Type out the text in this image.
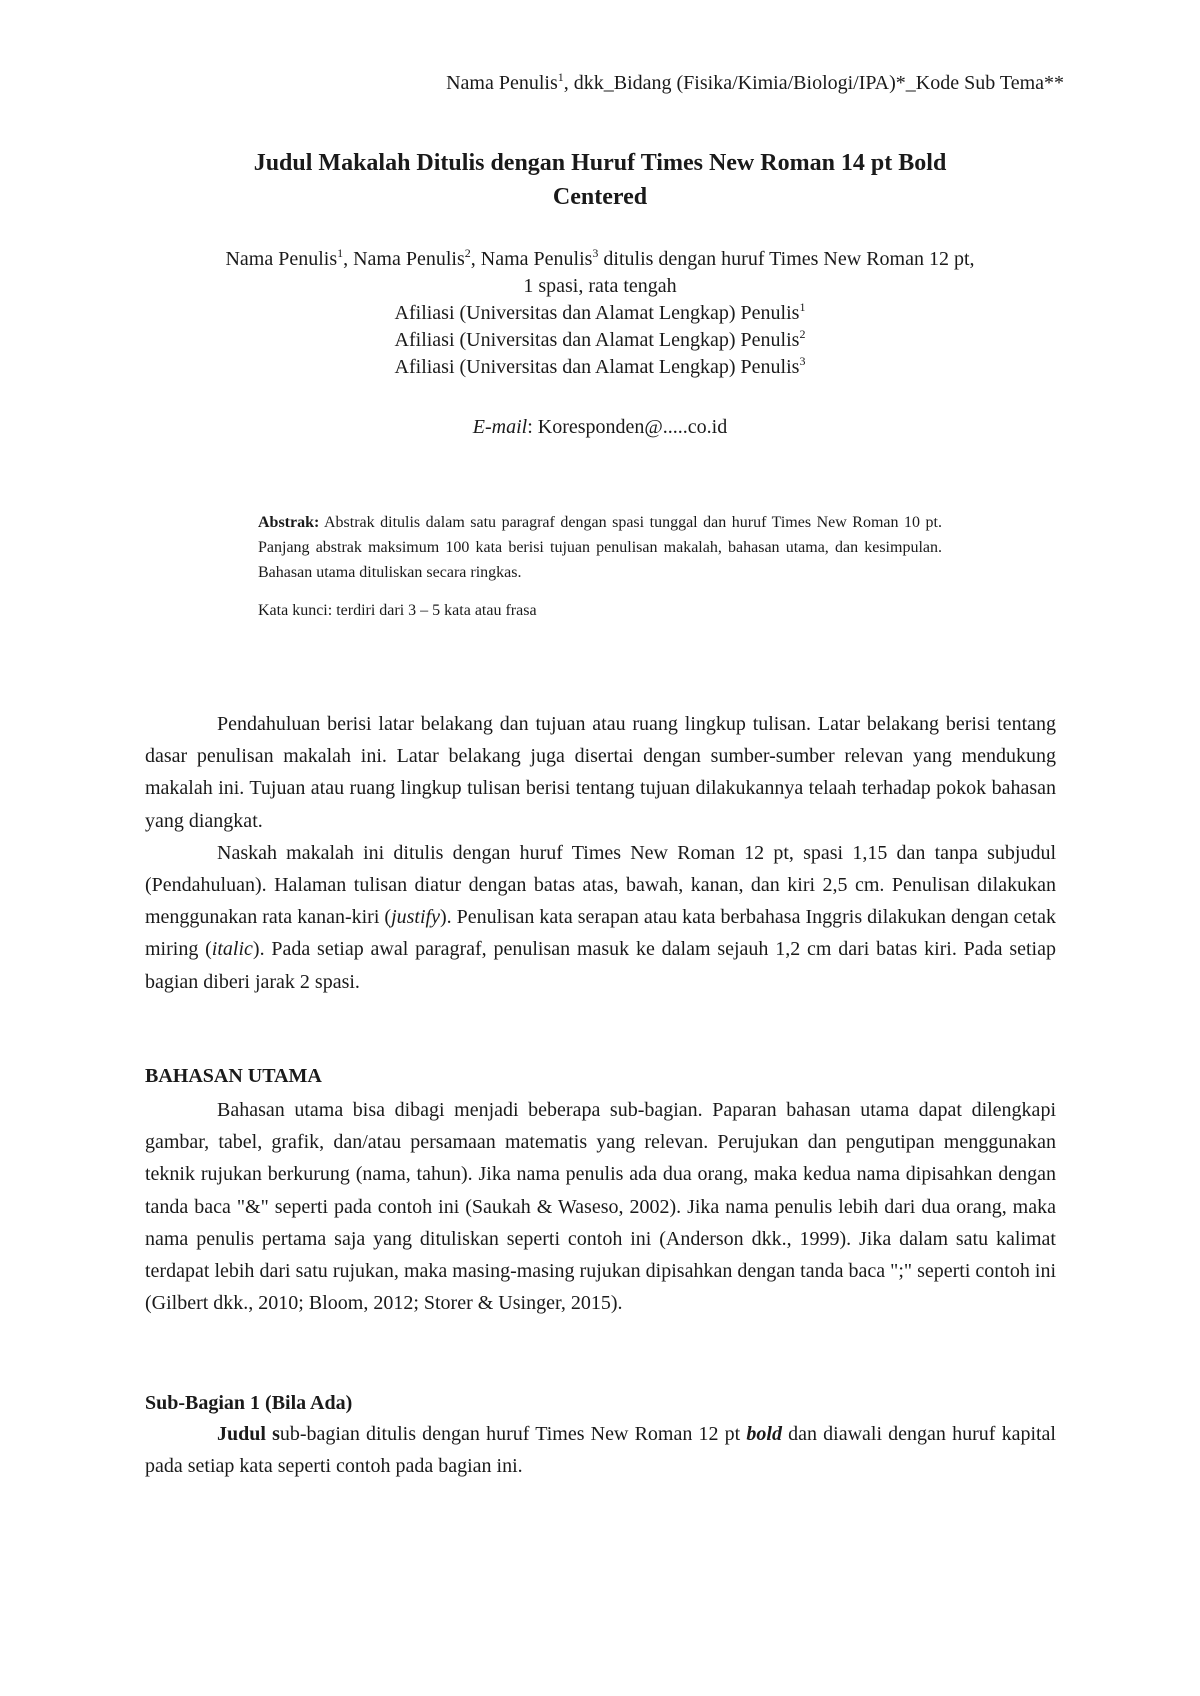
Nama Penulis$^1$, dkk_Bidang (Fisika/Kimia/Biologi/IPA)*_Kode Sub Tema**
Judul Makalah Ditulis dengan Huruf Times New Roman 14 pt Bold
Centered
Nama Penulis$^1$, Nama Penulis$^2$, Nama Penulis$^3$ ditulis dengan huruf Times New Roman 12 pt,
1 spasi, rata tengah
Afiliasi (Universitas dan Alamat Lengkap) Penulis$^1$
Afiliasi (Universitas dan Alamat Lengkap) Penulis$^2$
Afiliasi (Universitas dan Alamat Lengkap) Penulis$^3$
E-mail: Koresponden@.....co.id
Abstrak: Abstrak ditulis dalam satu paragraf dengan spasi tunggal dan huruf Times New Roman 10 pt. Panjang abstrak maksimum 100 kata berisi tujuan penulisan makalah, bahasan utama, dan kesimpulan. Bahasan utama dituliskan secara ringkas.
Kata kunci: terdiri dari 3 – 5 kata atau frasa

Pendahuluan berisi latar belakang dan tujuan atau ruang lingkup tulisan. Latar belakang berisi tentang dasar penulisan makalah ini. Latar belakang juga disertai dengan sumber-sumber relevan yang mendukung makalah ini. Tujuan atau ruang lingkup tulisan berisi tentang tujuan dilakukannya telaah terhadap pokok bahasan yang diangkat.

Naskah makalah ini ditulis dengan huruf Times New Roman 12 pt, spasi 1,15 dan tanpa subjudul (Pendahuluan). Halaman tulisan diatur dengan batas atas, bawah, kanan, dan kiri 2,5 cm. Penulisan dilakukan menggunakan rata kanan-kiri (justify). Penulisan kata serapan atau kata berbahasa Inggris dilakukan dengan cetak miring (italic). Pada setiap awal paragraf, penulisan masuk ke dalam sejauh 1,2 cm dari batas kiri. Pada setiap bagian diberi jarak 2 spasi.

BAHASAN UTAMA

Bahasan utama bisa dibagi menjadi beberapa sub-bagian. Paparan bahasan utama dapat dilengkapi gambar, tabel, grafik, dan/atau persamaan matematis yang relevan. Perujukan dan pengutipan menggunakan teknik rujukan berkurung (nama, tahun). Jika nama penulis ada dua orang, maka kedua nama dipisahkan dengan tanda baca "&" seperti pada contoh ini (Saukah & Waseso, 2002). Jika nama penulis lebih dari dua orang, maka nama penulis pertama saja yang dituliskan seperti contoh ini (Anderson dkk., 1999). Jika dalam satu kalimat terdapat lebih dari satu rujukan, maka masing-masing rujukan dipisahkan dengan tanda baca ";" seperti contoh ini (Gilbert dkk., 2010; Bloom, 2012; Storer & Usinger, 2015).

Sub-Bagian 1 (Bila Ada)

Judul sub-bagian ditulis dengan huruf Times New Roman 12 pt bold dan diawali dengan huruf kapital pada setiap kata seperti contoh pada bagian ini.
